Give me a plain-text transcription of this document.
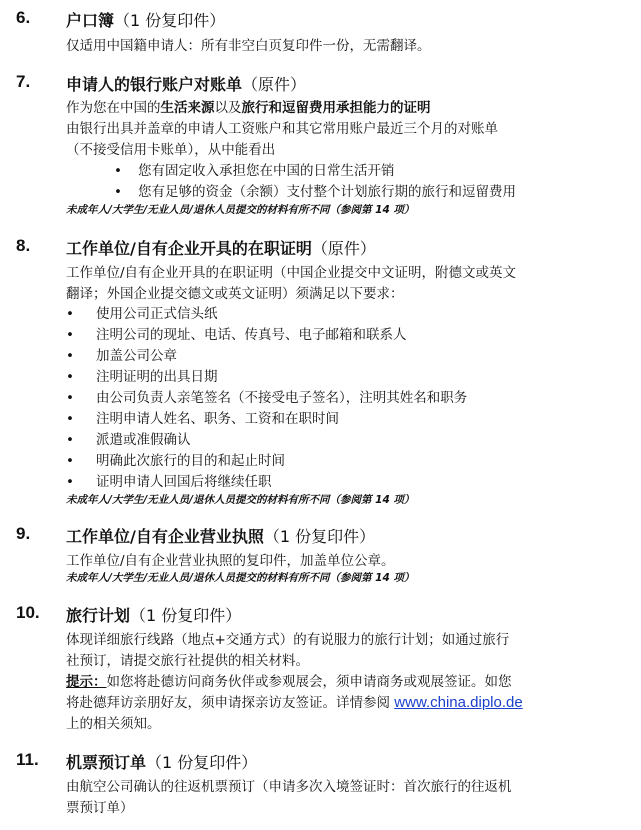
6. 户口簿（1 份复印件）
仅适用中国籍申请人：所有非空白页复印件一份，无需翻译。
7. 申请人的银行账户对账单（原件）
作为您在中国的生活来源以及旅行和逗留费用承担能力的证明
由银行出具并盖章的申请人工资账户和其它常用账户最近三个月的对账单
（不接受信用卡账单），从中能看出
• 您有固定收入承担您在中国的日常生活开销
• 您有足够的资金（余额）支付整个计划旅行期的旅行和逗留费用
未成年人/大学生/无业人员/退休人员提交的材料有所不同（参阅第 14 项）
8. 工作单位/自有企业开具的在职证明（原件）
工作单位/自有企业开具的在职证明（中国企业提交中文证明，附德文或英文
翻译；外国企业提交德文或英文证明）须满足以下要求：
• 使用公司正式信头纸
• 注明公司的现址、电话、传真号、电子邮箱和联系人
• 加盖公司公章
• 注明证明的出具日期
• 由公司负责人亲笔签名（不接受电子签名），注明其姓名和职务
• 注明申请人姓名、职务、工资和在职时间
• 派遣或准假确认
• 明确此次旅行的目的和起止时间
• 证明申请人回国后将继续任职
未成年人/大学生/无业人员/退休人员提交的材料有所不同（参阅第 14 项）
9. 工作单位/自有企业营业执照（1 份复印件）
工作单位/自有企业营业执照的复印件，加盖单位公章。
未成年人/大学生/无业人员/退休人员提交的材料有所不同（参阅第 14 项）
10. 旅行计划（1 份复印件）
体现详细旅行线路（地点+交通方式）的有说服力的旅行计划；如通过旅行
社预订，请提交旅行社提供的相关材料。
提示：如您将赴德访问商务伙伴或参观展会，须申请商务或观展签证。如您
将赴德拜访亲朋好友，须申请探亲访友签证。详情参阅 www.china.diplo.de
上的相关须知。
11. 机票预订单（1 份复印件）
由航空公司确认的往返机票预订（申请多次入境签证时：首次旅行的往返机
票预订单）
